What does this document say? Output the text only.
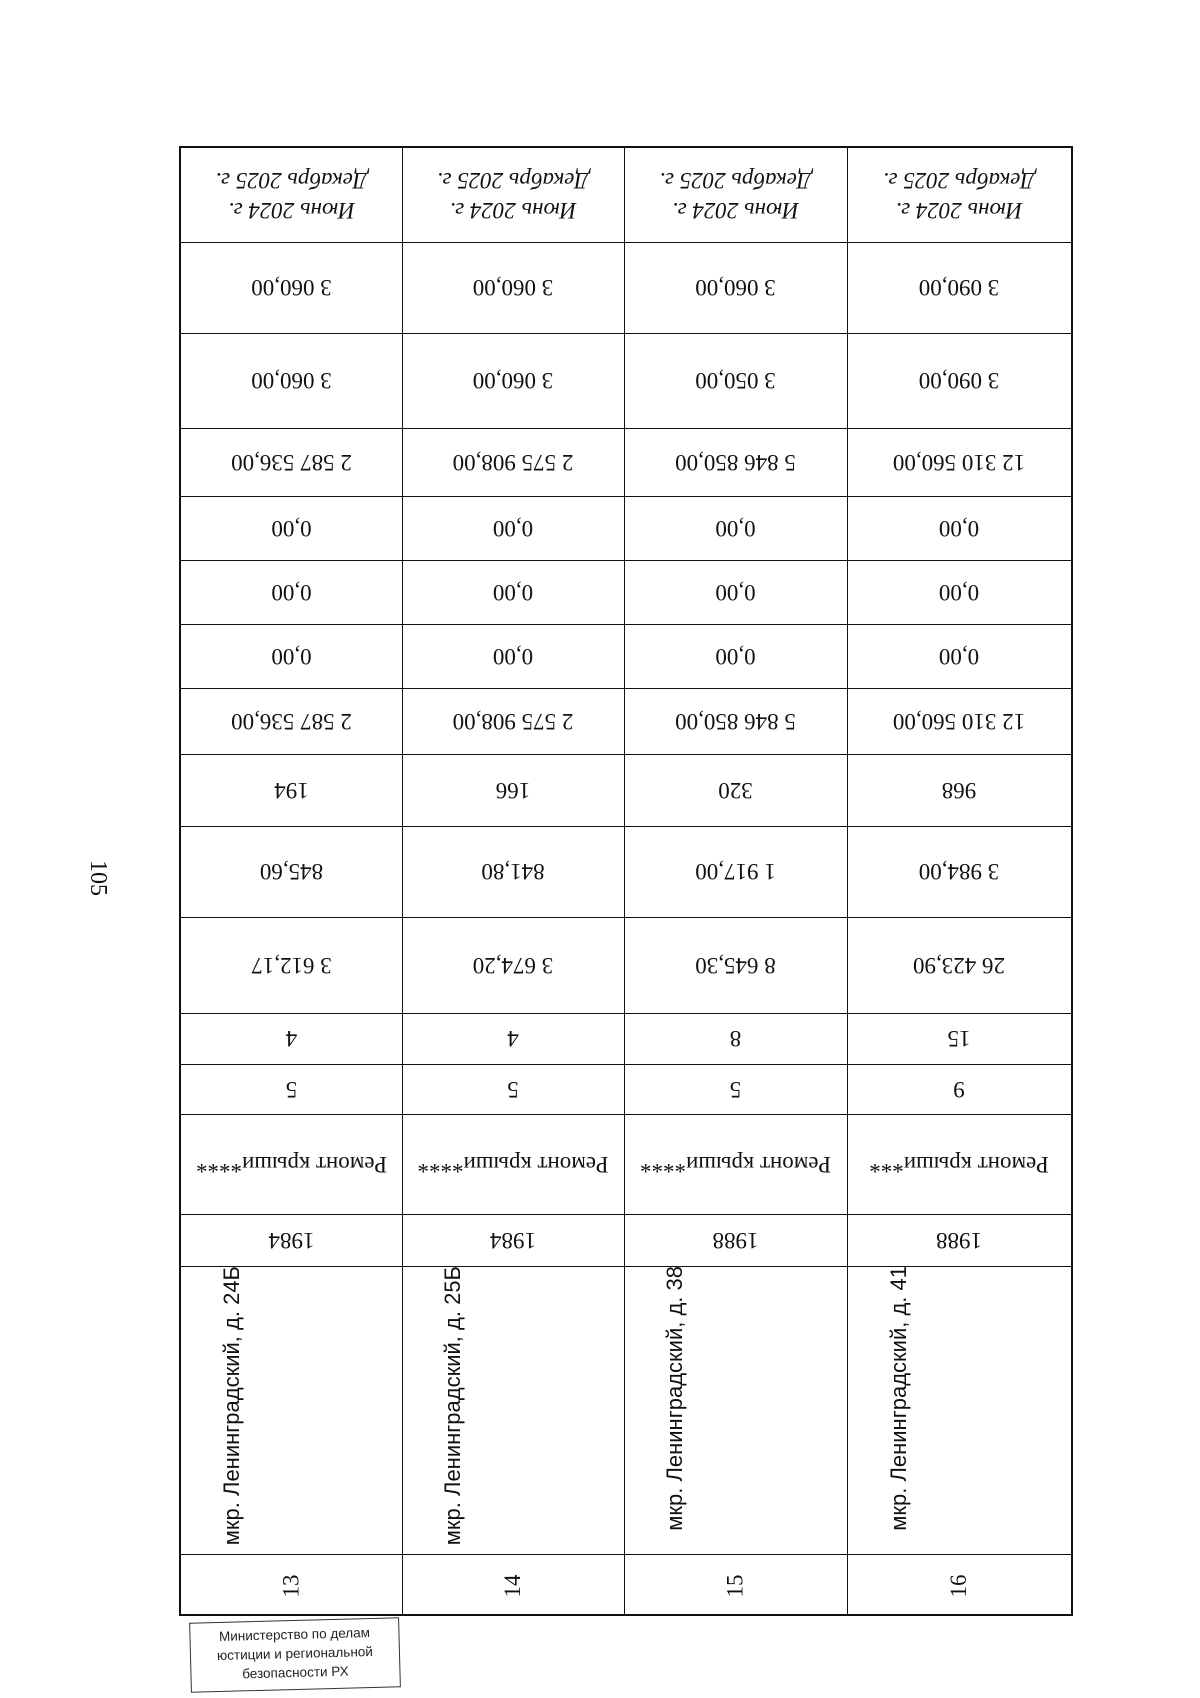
105
Июнь 2024 г.
Декабрь 2025 г.
3 060,00
3 060,00
2 587 536,00
0,00
0,00
0,00
2 587 536,00
194
845,60
3 612,17
4
5
Ремонт крыши****
1984
мкр. Ленинградский, д. 24Б
13
Июнь 2024 г.
Декабрь 2025 г.
3 060,00
3 060,00
2 575 908,00
0,00
0,00
0,00
2 575 908,00
166
841,80
3 674,20
4
5
Ремонт крыши****
1984
мкр. Ленинградский, д. 25Б
14
Июнь 2024 г.
Декабрь 2025 г.
3 060,00
3 050,00
5 846 850,00
0,00
0,00
0,00
5 846 850,00
320
1 917,00
8 645,30
8
5
Ремонт крыши****
1988
мкр. Ленинградский, д. 38
15
Июнь 2024 г.
Декабрь 2025 г.
3 090,00
3 090,00
12 310 560,00
0,00
0,00
0,00
12 310 560,00
968
3 984,00
26 423,90
15
9
Ремонт крыши***
1988
мкр. Ленинградский, д. 41
16
Министерство по делам
юстиции и региональной
безопасности РХ
